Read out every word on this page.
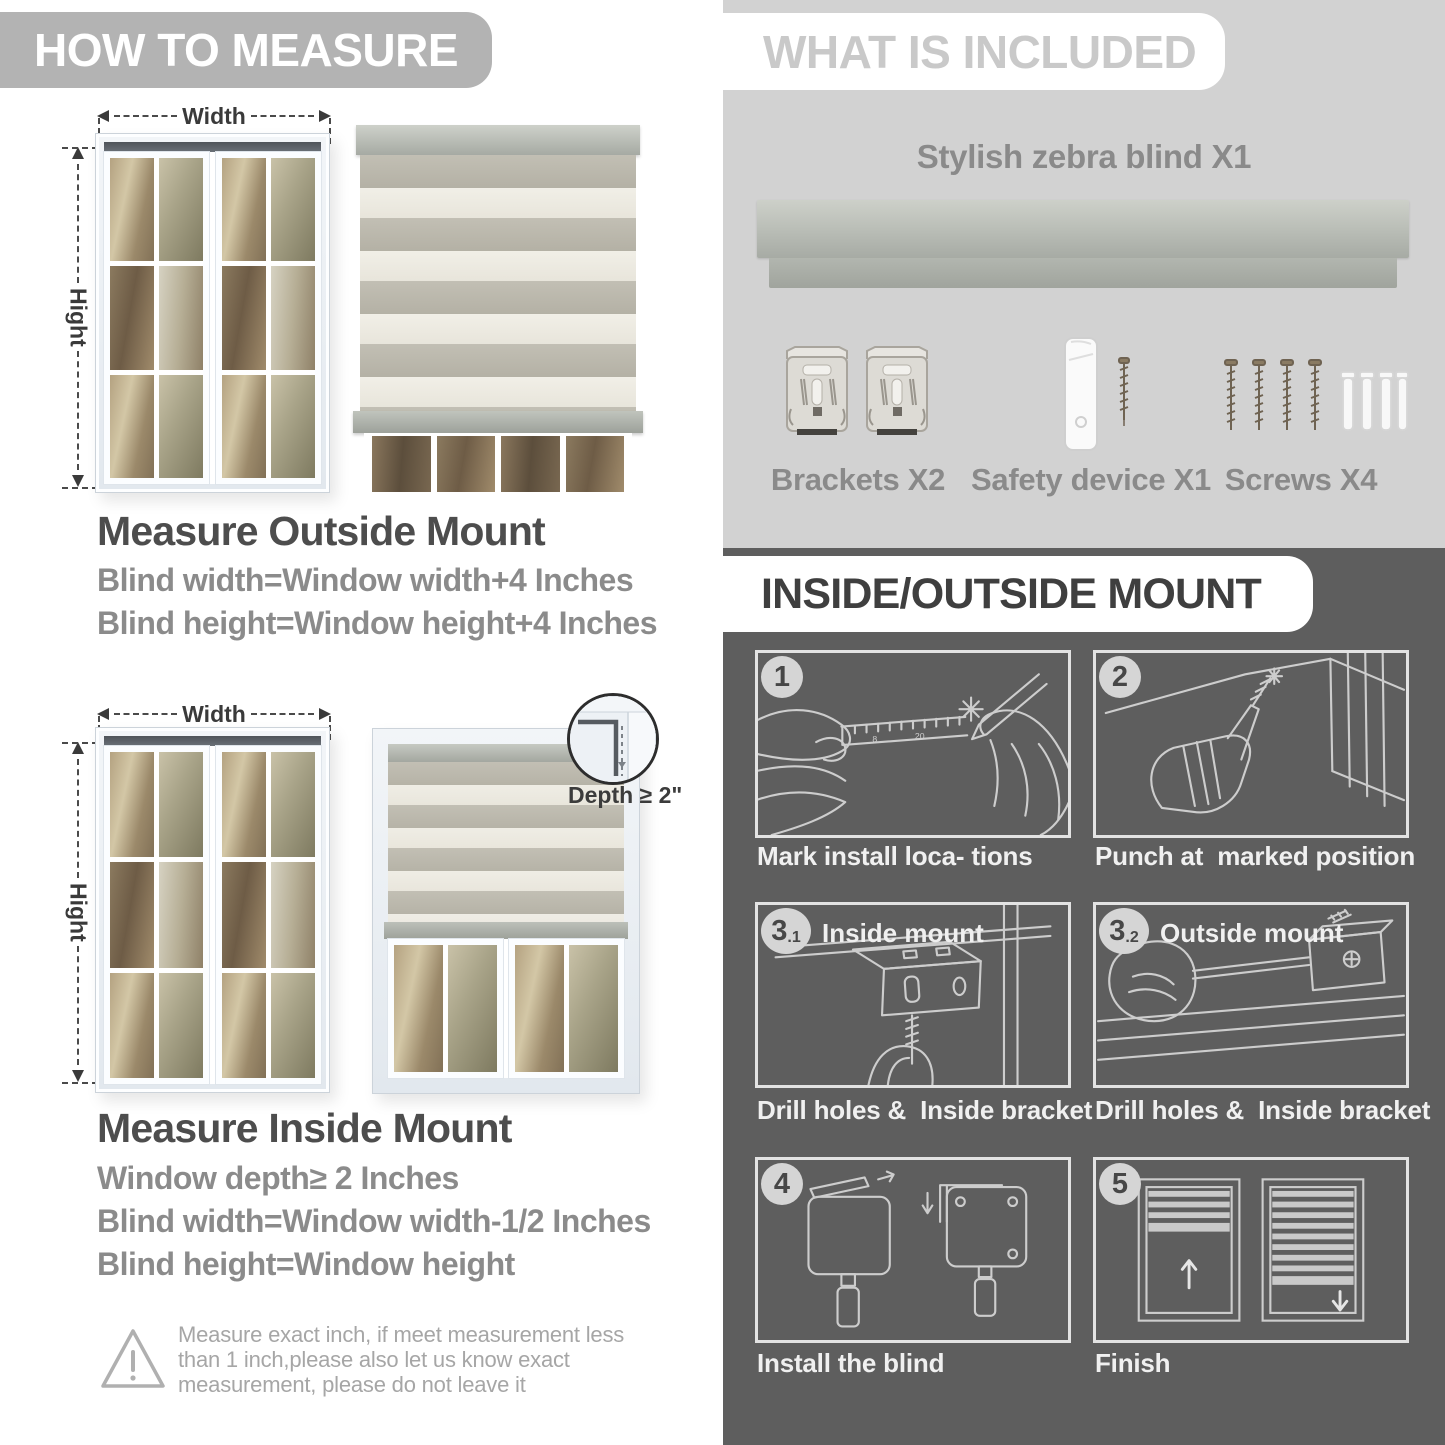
HOW TO MEASURE
Width
Hight
Measure Outside Mount
Blind width=Window width+4 Inches
Blind height=Window height+4 Inches
Width
Hight
Depth ≥ 2"
Measure Inside Mount
Window depth≥ 2 Inches
Blind width=Window width-1/2 Inches
Blind height=Window height
Measure exact inch, if meet measurement less than 1 inch,please also let us know exact measurement, please do not leave it
WHAT IS INCLUDED
Stylish zebra blind X1
Brackets X2 Safety device X1 Screws X4
INSIDE/OUTSIDE MOUNT
8	20
1
Mark install loca- tions
2
Punch at  marked position
3 .1 Inside mount
Drill holes &  Inside bracket
3 .2 Outside mount
Drill holes &  Inside bracket
4
Install the blind
5
Finish
